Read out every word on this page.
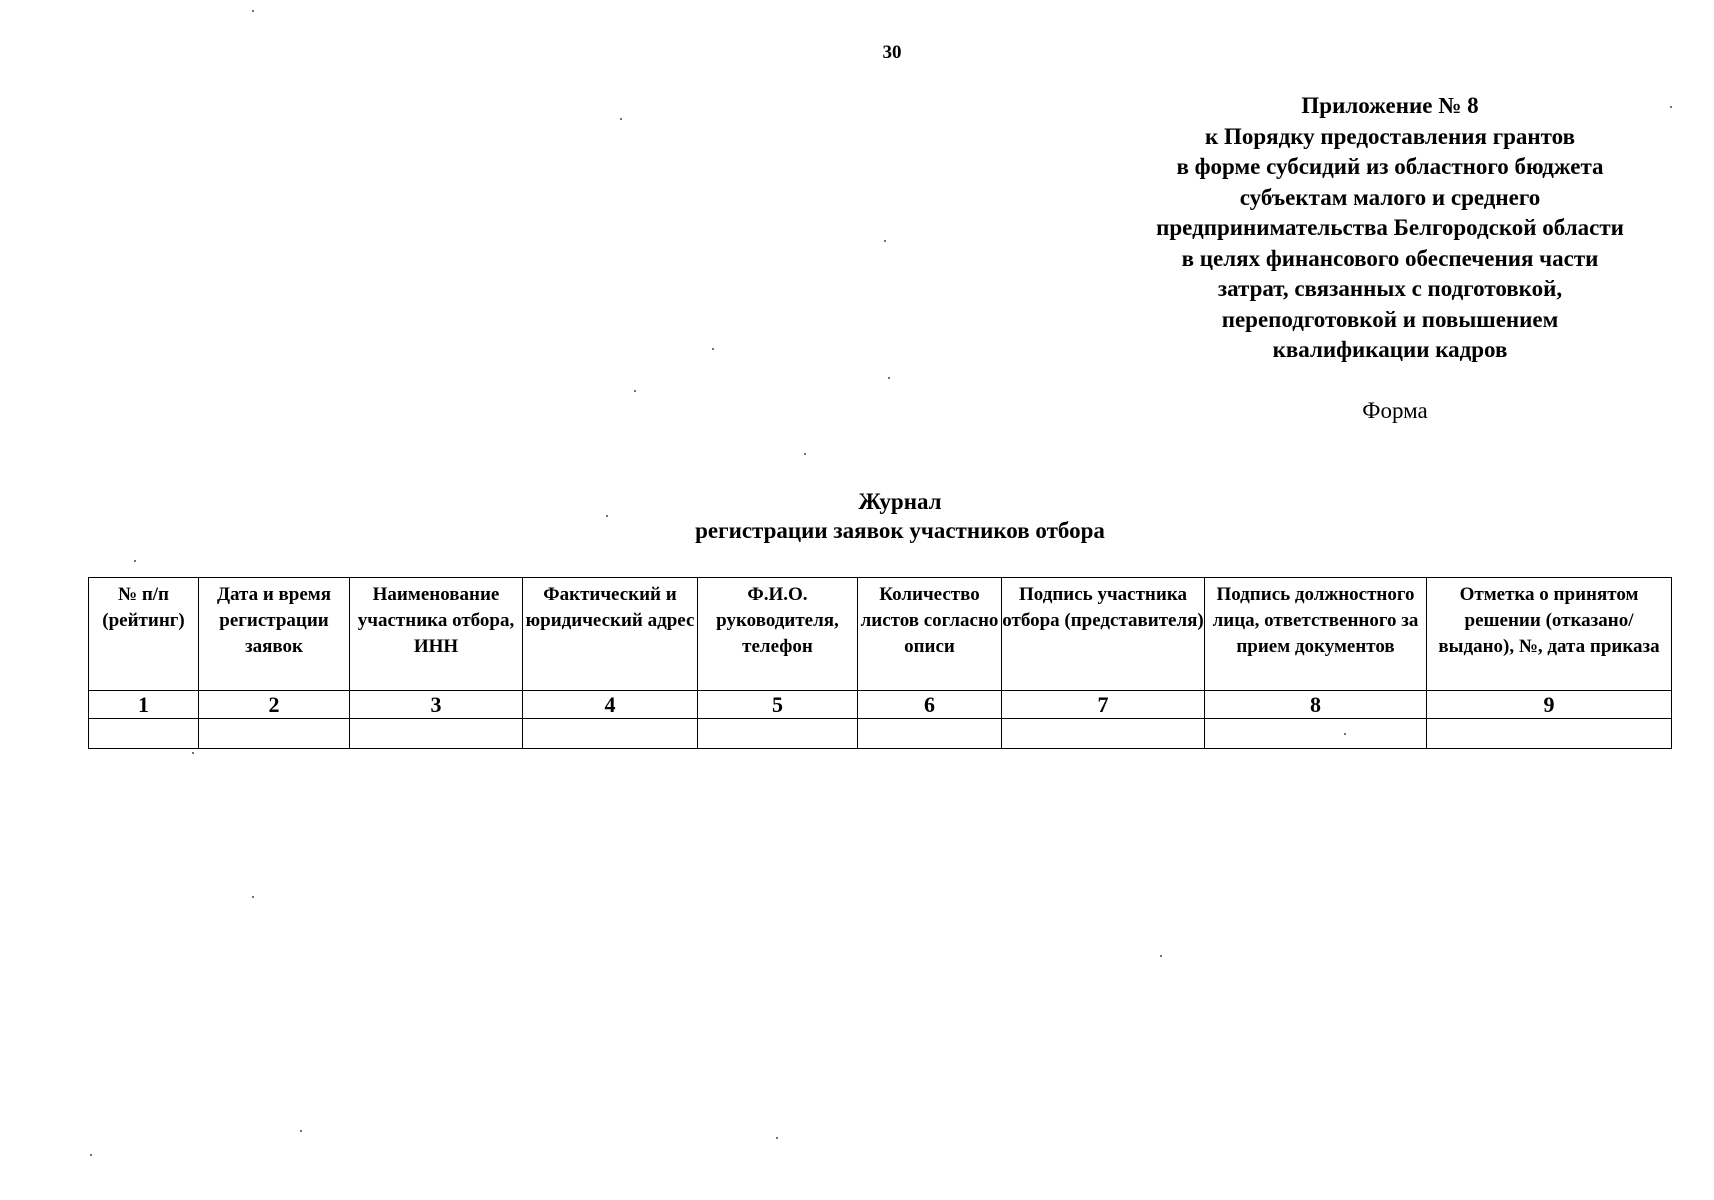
30
Приложение № 8
к Порядку предоставления грантов
в форме субсидий из областного бюджета
субъектам малого и среднего
предпринимательства Белгородской области
в целях финансового обеспечения части
затрат, связанных с подготовкой,
переподготовкой и повышением
квалификации кадров
Форма
Журнал
регистрации заявок участников отбора
№ п/п (рейтинг)	Дата и время регистрации заявок	Наименование участника отбора, ИНН	Фактический и юридический адрес	Ф.И.О. руководителя, телефон	Количество листов согласно описи	Подпись участника отбора (представителя)	Подпись должностного лица, ответственного за прием документов	Отметка о принятом решении (отказано/выдано), №, дата приказа
1	2	3	4	5	6	7	8	9
